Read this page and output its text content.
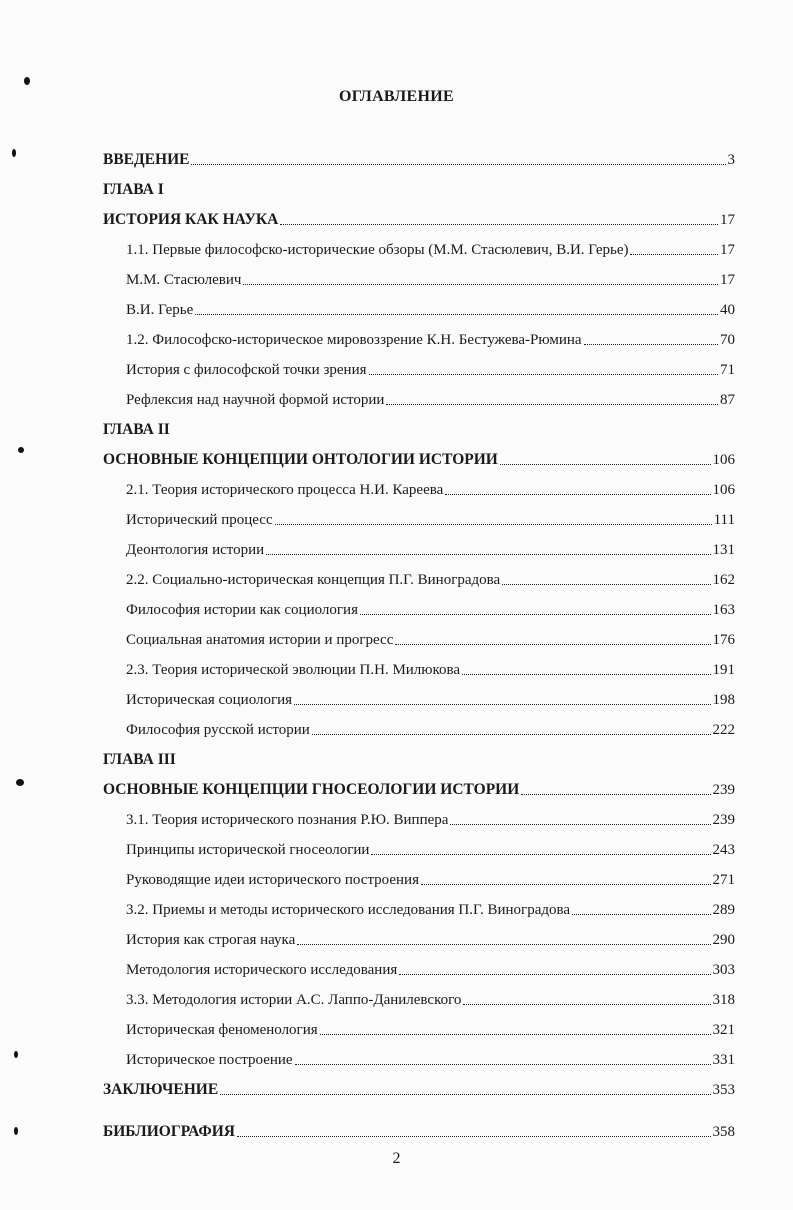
ОГЛАВЛЕНИЕ
ВВЕДЕНИЕ	3
ГЛАВА I
ИСТОРИЯ КАК НАУКА	17
1.1. Первые философско-исторические обзоры (М.М. Стасюлевич, В.И. Герье)	17
М.М. Стасюлевич	17
В.И. Герье	40
1.2. Философско-историческое мировоззрение К.Н. Бестужева-Рюмина	70
История с философской точки зрения	71
Рефлексия над научной формой истории	87
ГЛАВА II
ОСНОВНЫЕ КОНЦЕПЦИИ ОНТОЛОГИИ ИСТОРИИ	106
2.1. Теория исторического процесса Н.И. Кареева	106
Исторический процесс	111
Деонтология истории	131
2.2. Социально-историческая концепция П.Г. Виноградова	162
Философия истории как социология	163
Социальная анатомия истории и прогресс	176
2.3. Теория исторической эволюции П.Н. Милюкова	191
Историческая социология	198
Философия русской истории	222
ГЛАВА III
ОСНОВНЫЕ КОНЦЕПЦИИ ГНОСЕОЛОГИИ ИСТОРИИ	239
3.1. Теория исторического познания Р.Ю. Виппера	239
Принципы исторической гносеологии	243
Руководящие идеи исторического построения	271
3.2. Приемы и методы исторического исследования П.Г. Виноградова	289
История как строгая наука	290
Методология исторического исследования	303
3.3. Методология истории А.С. Лаппо-Данилевского	318
Историческая феноменология	321
Историческое построение	331
ЗАКЛЮЧЕНИЕ	353
БИБЛИОГРАФИЯ	358
2
